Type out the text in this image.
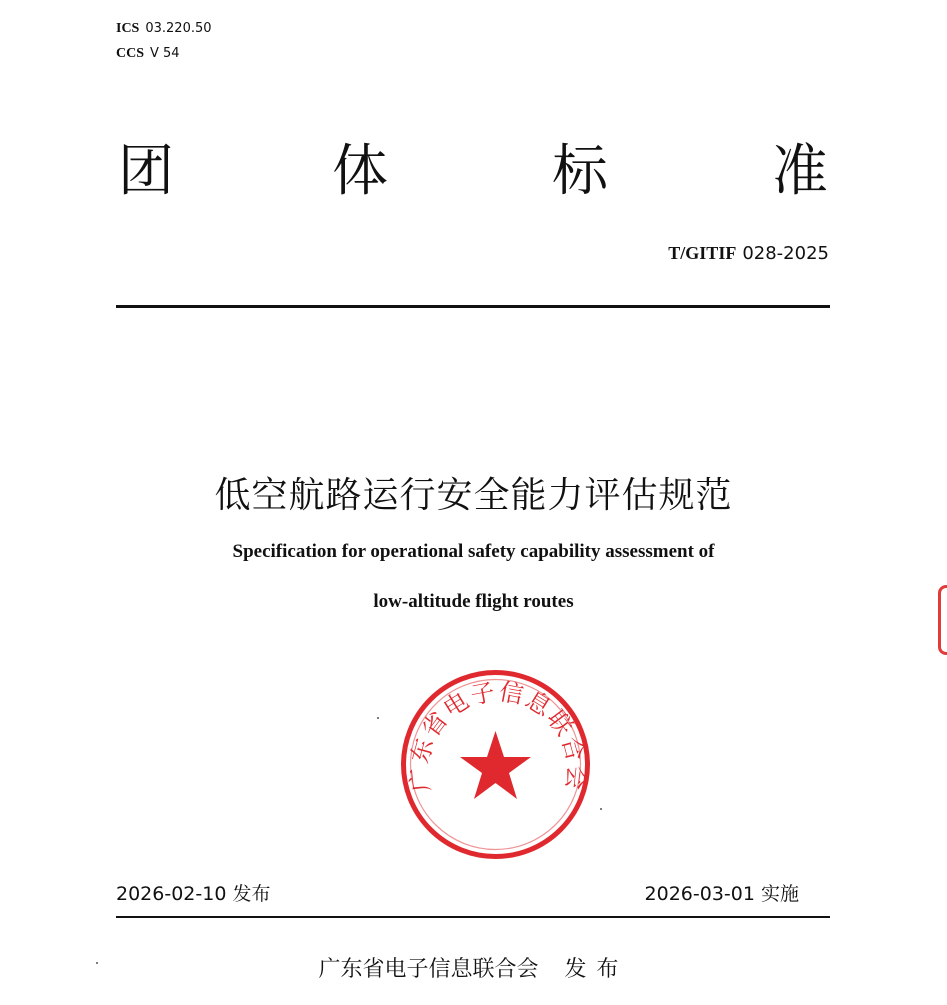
ICS 03.220.50
CCS V 54
团	体	标	准
T/GITIF 028-2025
低空航路运行安全能力评估规范
Specification for operational safety capability assessment of
low-altitude flight routes
广东省电子信息联合会
2026-02-10 发布	2026-03-01 实施
广东省电子信息联合会 发布
